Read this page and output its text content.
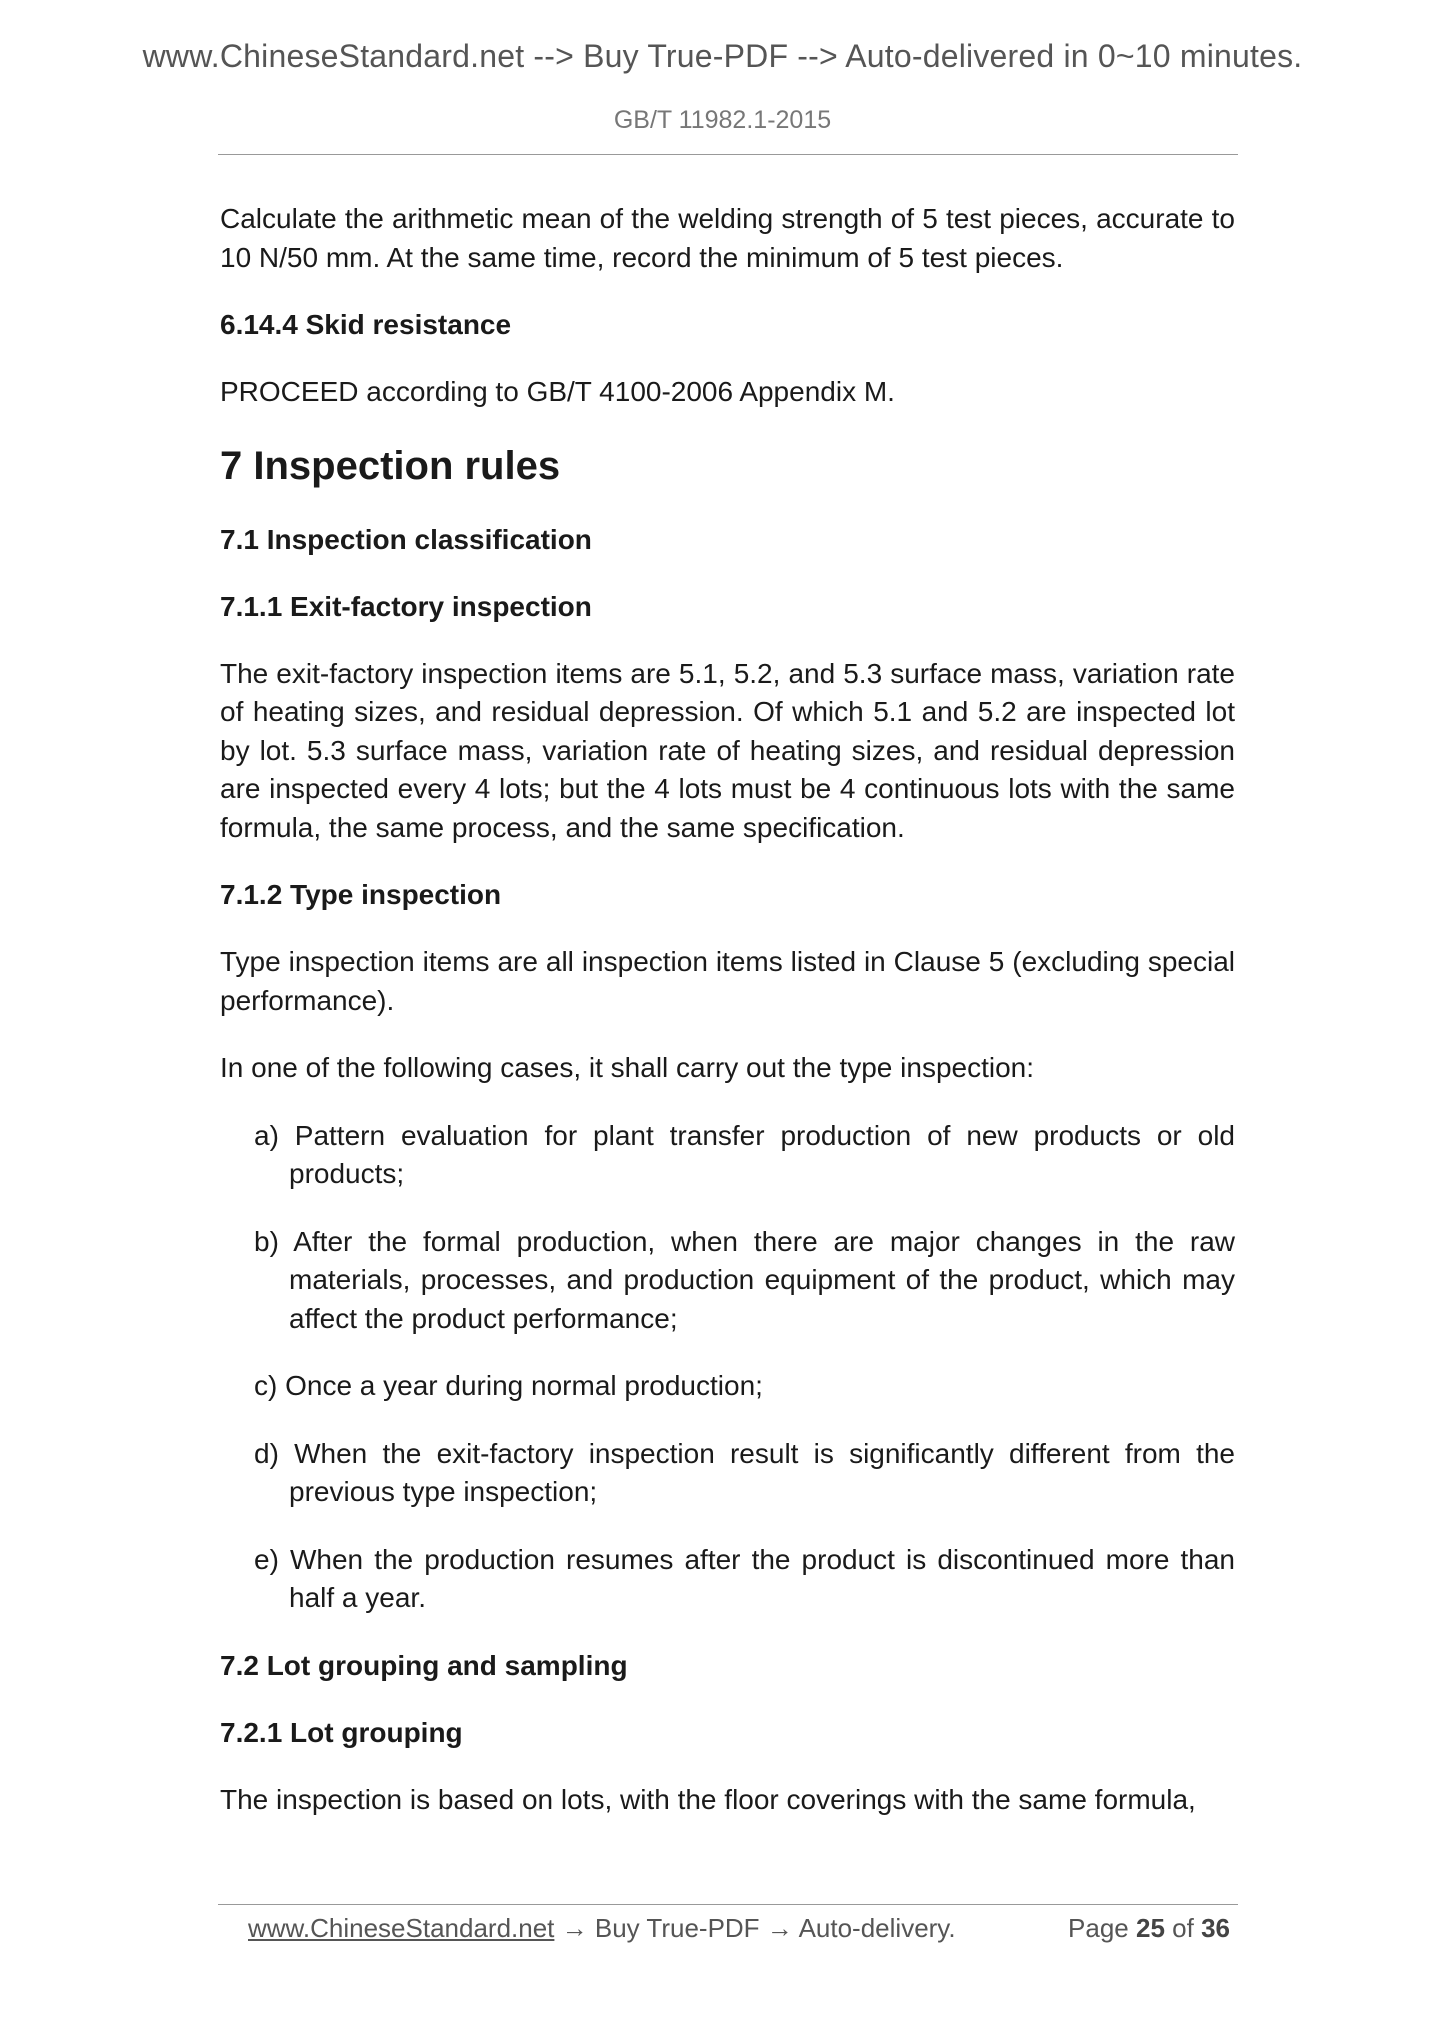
www.ChineseStandard.net --> Buy True-PDF --> Auto-delivered in 0~10 minutes.
GB/T 11982.1-2015

Calculate the arithmetic mean of the welding strength of 5 test pieces, accurate to 10 N/50 mm. At the same time, record the minimum of 5 test pieces.

6.14.4 Skid resistance

PROCEED according to GB/T 4100-2006 Appendix M.

7 Inspection rules

7.1 Inspection classification

7.1.1 Exit-factory inspection

The exit-factory inspection items are 5.1, 5.2, and 5.3 surface mass, variation rate of heating sizes, and residual depression. Of which 5.1 and 5.2 are inspected lot by lot. 5.3 surface mass, variation rate of heating sizes, and residual depression are inspected every 4 lots; but the 4 lots must be 4 continuous lots with the same formula, the same process, and the same specification.

7.1.2 Type inspection

Type inspection items are all inspection items listed in Clause 5 (excluding special performance).

In one of the following cases, it shall carry out the type inspection:

a) Pattern evaluation for plant transfer production of new products or old products;

b) After the formal production, when there are major changes in the raw materials, processes, and production equipment of the product, which may affect the product performance;

c) Once a year during normal production;

d) When the exit-factory inspection result is significantly different from the previous type inspection;

e) When the production resumes after the product is discontinued more than half a year.

7.2 Lot grouping and sampling

7.2.1 Lot grouping

The inspection is based on lots, with the floor coverings with the same formula,

www.ChineseStandard.net → Buy True-PDF → Auto-delivery.	Page 25 of 36
